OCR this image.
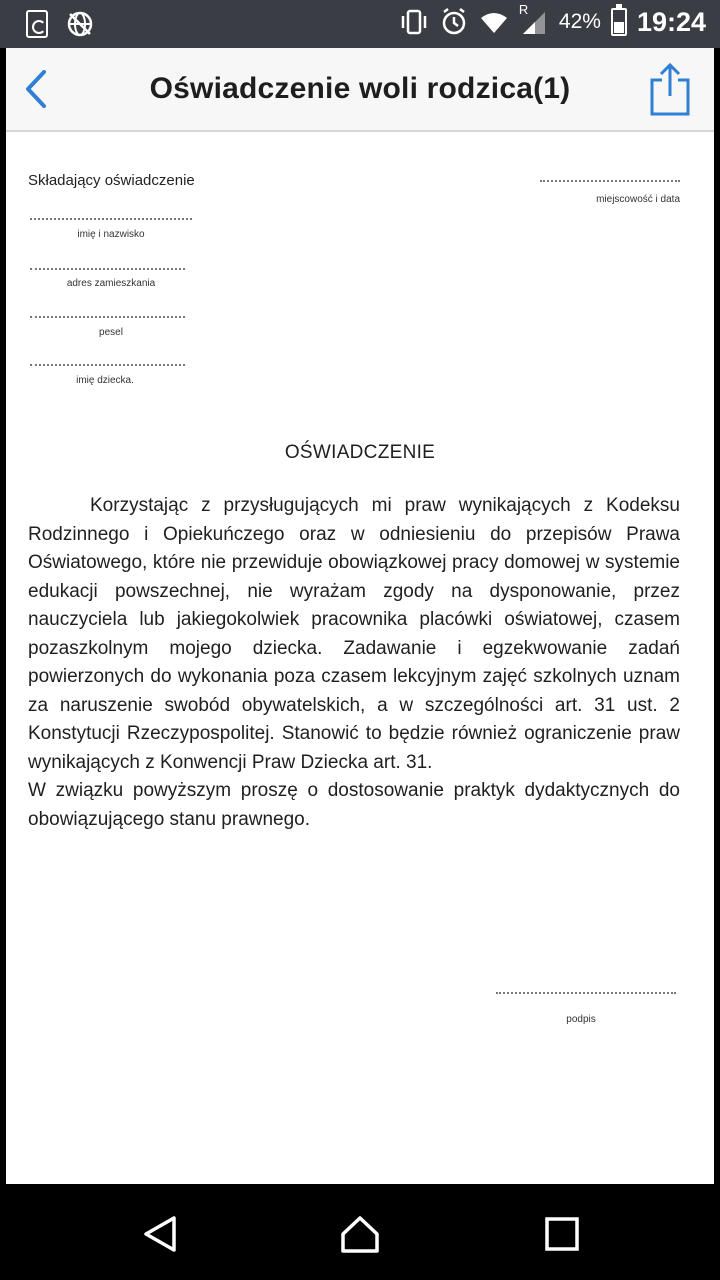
R
42% 19:24
Oświadczenie woli rodzica(1)
Składający oświadczenie
miejscowość i data
imię i nazwisko
adres zamieszkania
pesel
imię dziecka.
OŚWIADCZENIE

Korzystając z przysługujących mi praw wynikających z Kodeksu Rodzinnego i Opiekuńczego oraz w odniesieniu do przepisów Prawa Oświatowego, które nie przewiduje obowiązkowej pracy domowej w systemie edukacji powszechnej, nie wyrażam zgody na dysponowanie, przez nauczyciela lub jakiegokolwiek pracownika placówki oświatowej, czasem pozaszkolnym mojego dziecka. Zadawanie i egzekwowanie zadań powierzonych do wykonania poza czasem lekcyjnym zajęć szkolnych uznam za naruszenie swobód obywatelskich, a w szczególności art. 31 ust. 2 Konstytucji Rzeczypospolitej. Stanowić to będzie również ograniczenie praw wynikających z Konwencji Praw Dziecka art. 31.

W związku powyższym proszę o dostosowanie praktyk dydaktycznych do obowiązującego stanu prawnego.

podpis
